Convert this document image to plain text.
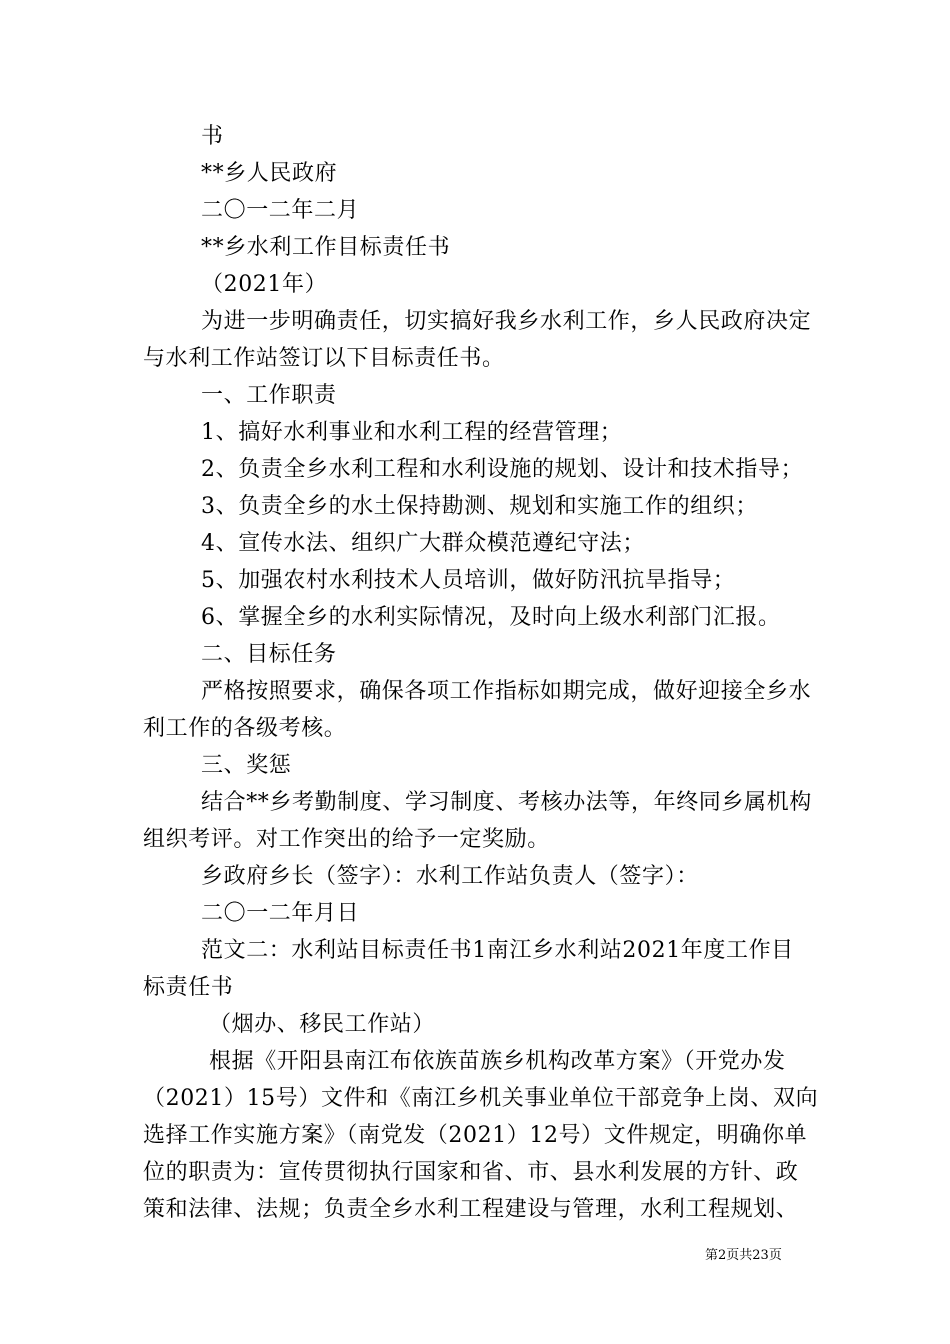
书
**乡人民政府
二〇一二年二月
**乡水利工作目标责任书
（2021年）
为进一步明确责任，切实搞好我乡水利工作，乡人民政府决定
与水利工作站签订以下目标责任书。
一、工作职责
1、搞好水利事业和水利工程的经营管理；
2、负责全乡水利工程和水利设施的规划、设计和技术指导；
3、负责全乡的水土保持勘测、规划和实施工作的组织；
4、宣传水法、组织广大群众模范遵纪守法；
5、加强农村水利技术人员培训，做好防汛抗旱指导；
6、掌握全乡的水利实际情况，及时向上级水利部门汇报。
二、目标任务
严格按照要求，确保各项工作指标如期完成，做好迎接全乡水
利工作的各级考核。
三、奖惩
结合**乡考勤制度、学习制度、考核办法等，年终同乡属机构
组织考评。对工作突出的给予一定奖励。
乡政府乡长（签字）：水利工作站负责人（签字）：
二〇一二年月日
范文二：水利站目标责任书1南江乡水利站2021年度工作目
标责任书
（烟办、移民工作站）
根据《开阳县南江布依族苗族乡机构改革方案》（开党办发
（2021）15号）文件和《南江乡机关事业单位干部竞争上岗、双向
选择工作实施方案》（南党发（2021）12号）文件规定，明确你单
位的职责为：宣传贯彻执行国家和省、市、县水利发展的方针、政
策和法律、法规；负责全乡水利工程建设与管理，水利工程规划、
第2页共23页
